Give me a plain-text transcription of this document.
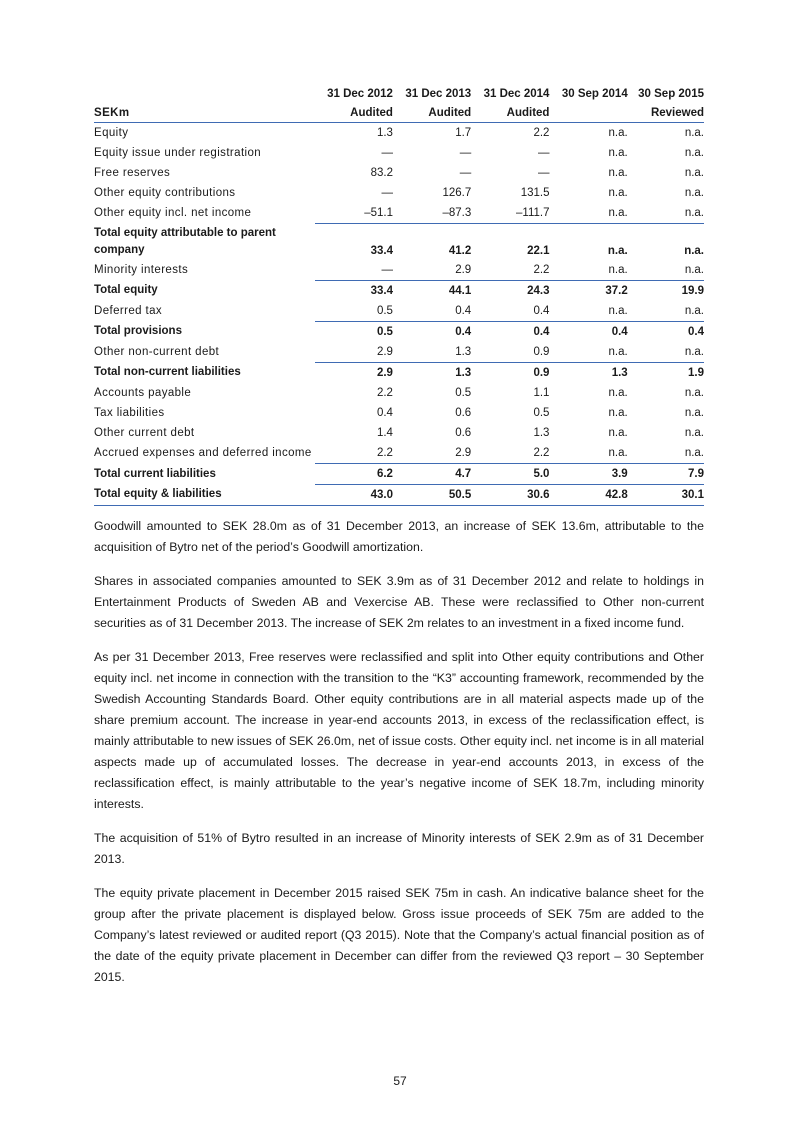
	31 Dec 2012	31 Dec 2013	31 Dec 2014	30 Sep 2014	30 Sep 2015
SEKm	Audited	Audited	Audited		Reviewed
Equity	1.3	1.7	2.2	n.a.	n.a.
Equity issue under registration	—	—	—	n.a.	n.a.
Free reserves	83.2	—	—	n.a.	n.a.
Other equity contributions	—	126.7	131.5	n.a.	n.a.
Other equity incl. net income	–51.1	–87.3	–111.7	n.a.	n.a.
Total equity attributable to parent company	33.4	41.2	22.1	n.a.	n.a.
Minority interests	—	2.9	2.2	n.a.	n.a.
Total equity	33.4	44.1	24.3	37.2	19.9
Deferred tax	0.5	0.4	0.4	n.a.	n.a.
Total provisions	0.5	0.4	0.4	0.4	0.4
Other non-current debt	2.9	1.3	0.9	n.a.	n.a.
Total non-current liabilities	2.9	1.3	0.9	1.3	1.9
Accounts payable	2.2	0.5	1.1	n.a.	n.a.
Tax liabilities	0.4	0.6	0.5	n.a.	n.a.
Other current debt	1.4	0.6	1.3	n.a.	n.a.
Accrued expenses and deferred income	2.2	2.9	2.2	n.a.	n.a.
Total current liabilities	6.2	4.7	5.0	3.9	7.9
Total equity & liabilities	43.0	50.5	30.6	42.8	30.1

Goodwill amounted to SEK 28.0m as of 31 December 2013, an increase of SEK 13.6m, attributable to the acquisition of Bytro net of the period’s Goodwill amortization.

Shares in associated companies amounted to SEK 3.9m as of 31 December 2012 and relate to holdings in Entertainment Products of Sweden AB and Vexercise AB. These were reclassified to Other non-current securities as of 31 December 2013. The increase of SEK 2m relates to an investment in a fixed income fund.

As per 31 December 2013, Free reserves were reclassified and split into Other equity contributions and Other equity incl. net income in connection with the transition to the “K3” accounting framework, recommended by the Swedish Accounting Standards Board. Other equity contributions are in all material aspects made up of the share premium account. The increase in year-end accounts 2013, in excess of the reclassification effect, is mainly attributable to new issues of SEK 26.0m, net of issue costs. Other equity incl. net income is in all material aspects made up of accumulated losses. The decrease in year-end accounts 2013, in excess of the reclassification effect, is mainly attributable to the year’s negative income of SEK 18.7m, including minority interests.

The acquisition of 51% of Bytro resulted in an increase of Minority interests of SEK 2.9m as of 31 December 2013.

The equity private placement in December 2015 raised SEK 75m in cash. An indicative balance sheet for the group after the private placement is displayed below. Gross issue proceeds of SEK 75m are added to the Company’s latest reviewed or audited report (Q3 2015). Note that the Company’s actual financial position as of the date of the equity private placement in December can differ from the reviewed Q3 report – 30 September 2015.

57
